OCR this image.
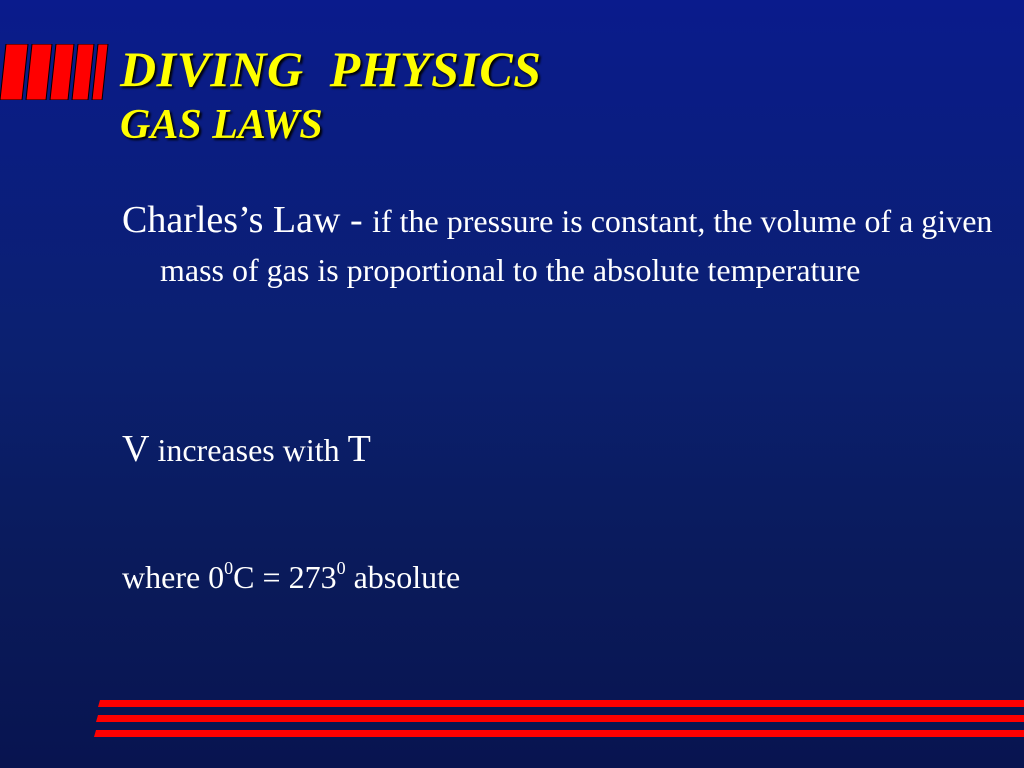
DIVING  PHYSICS
GAS LAWS
Charles’s Law - if the pressure is constant, the volume of a given mass of gas is proportional to the absolute temperature
V increases with T
where $0^0C = 273^0$ absolute
